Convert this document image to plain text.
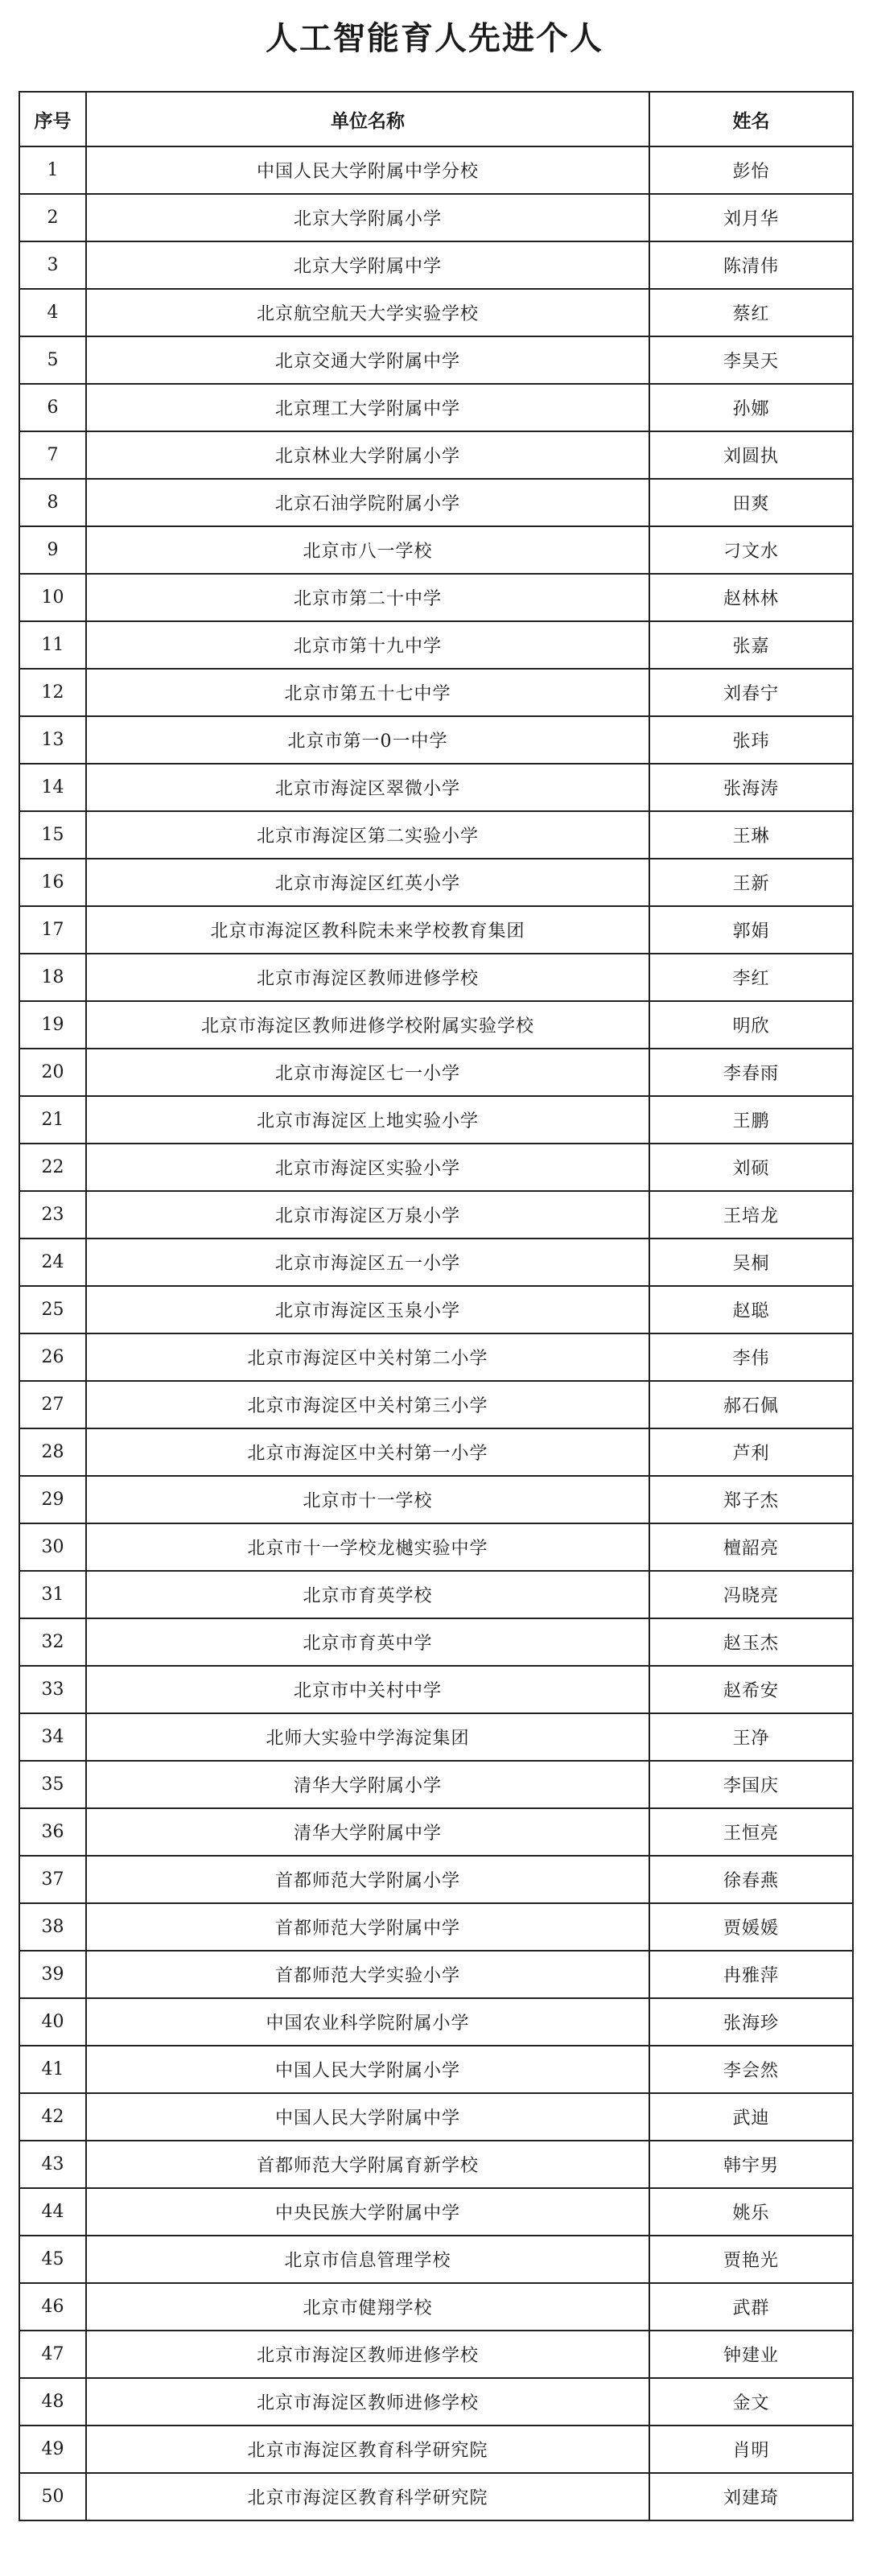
人工智能育人先进个人
序号	单位名称	姓名
1	中国人民大学附属中学分校	彭怡
2	北京大学附属小学	刘月华
3	北京大学附属中学	陈清伟
4	北京航空航天大学实验学校	蔡红
5	北京交通大学附属中学	李昊天
6	北京理工大学附属中学	孙娜
7	北京林业大学附属小学	刘圆执
8	北京石油学院附属小学	田爽
9	北京市八一学校	刁文水
10	北京市第二十中学	赵林林
11	北京市第十九中学	张嘉
12	北京市第五十七中学	刘春宁
13	北京市第一0一中学	张玮
14	北京市海淀区翠微小学	张海涛
15	北京市海淀区第二实验小学	王琳
16	北京市海淀区红英小学	王新
17	北京市海淀区教科院未来学校教育集团	郭娟
18	北京市海淀区教师进修学校	李红
19	北京市海淀区教师进修学校附属实验学校	明欣
20	北京市海淀区七一小学	李春雨
21	北京市海淀区上地实验小学	王鹏
22	北京市海淀区实验小学	刘硕
23	北京市海淀区万泉小学	王培龙
24	北京市海淀区五一小学	吴桐
25	北京市海淀区玉泉小学	赵聪
26	北京市海淀区中关村第二小学	李伟
27	北京市海淀区中关村第三小学	郝石佩
28	北京市海淀区中关村第一小学	芦利
29	北京市十一学校	郑子杰
30	北京市十一学校龙樾实验中学	檀韶亮
31	北京市育英学校	冯晓亮
32	北京市育英中学	赵玉杰
33	北京市中关村中学	赵希安
34	北师大实验中学海淀集团	王净
35	清华大学附属小学	李国庆
36	清华大学附属中学	王恒亮
37	首都师范大学附属小学	徐春燕
38	首都师范大学附属中学	贾媛媛
39	首都师范大学实验小学	冉雅萍
40	中国农业科学院附属小学	张海珍
41	中国人民大学附属小学	李会然
42	中国人民大学附属中学	武迪
43	首都师范大学附属育新学校	韩宇男
44	中央民族大学附属中学	姚乐
45	北京市信息管理学校	贾艳光
46	北京市健翔学校	武群
47	北京市海淀区教师进修学校	钟建业
48	北京市海淀区教师进修学校	金文
49	北京市海淀区教育科学研究院	肖明
50	北京市海淀区教育科学研究院	刘建琦
